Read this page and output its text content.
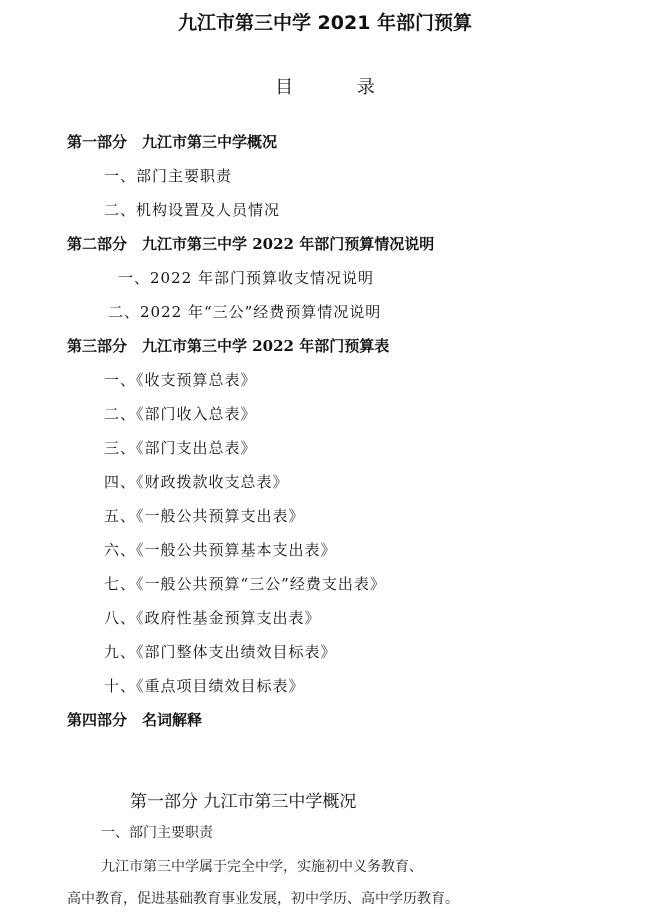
九江市第三中学 2021 年部门预算
目 录
第一部分　九江市第三中学概况
一、部门主要职责
二、机构设置及人员情况
第二部分　九江市第三中学 2022 年部门预算情况说明
一、2022 年部门预算收支情况说明
二、2022 年“三公”经费预算情况说明
第三部分　九江市第三中学 2022 年部门预算表
一、《收支预算总表》
二、《部门收入总表》
三、《部门支出总表》
四、《财政拨款收支总表》
五、《一般公共预算支出表》
六、《一般公共预算基本支出表》
七、《一般公共预算“三公”经费支出表》
八、《政府性基金预算支出表》
九、《部门整体支出绩效目标表》
十、《重点项目绩效目标表》
第四部分　名词解释
第一部分 九江市第三中学概况
一、部门主要职责
九江市第三中学属于完全中学，实施初中义务教育、
高中教育，促进基础教育事业发展，初中学历、高中学历教育。
